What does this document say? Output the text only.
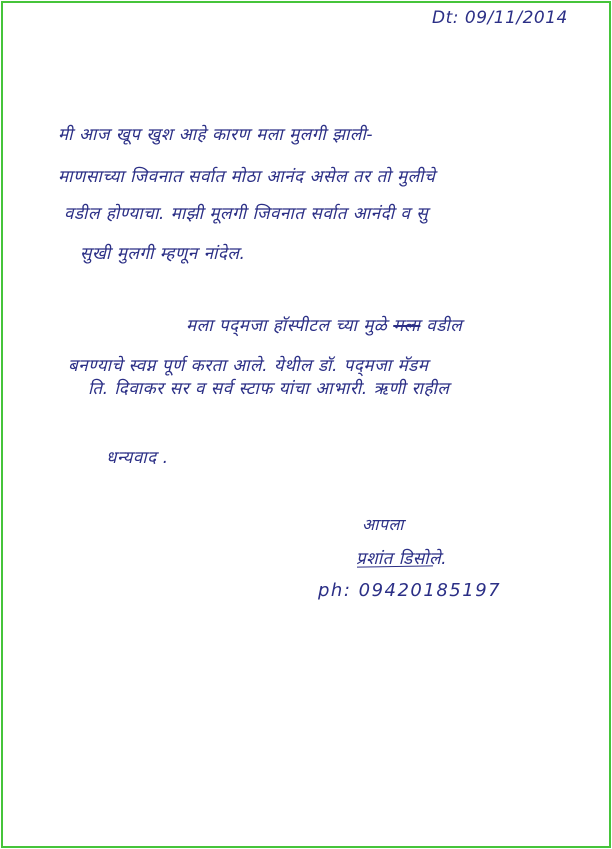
Dt: 09/11/2014
मी आज खूप खुश आहे कारण मला मुलगी झाली-
माणसाच्या जिवनात सर्वात मोठा आनंद असेल तर तो मुलीचे
वडील होण्याचा. माझी मूलगी जिवनात सर्वात आनंदी व सु
सुखी मुलगी म्हणून नांदेल.
मला पद्‌मजा हॉस्पीटल च्या मुळे मला वडील
बनण्याचे स्वप्न पूर्ण करता आले. येथील डॉ. पद्‌मजा मॅडम
ति. दिवाकर सर व सर्व स्टाफ यांचा आभारी. ऋणी राहील
धन्यवाद .
आपला
प्रशांत डिसोले.
ph: 09420185197
